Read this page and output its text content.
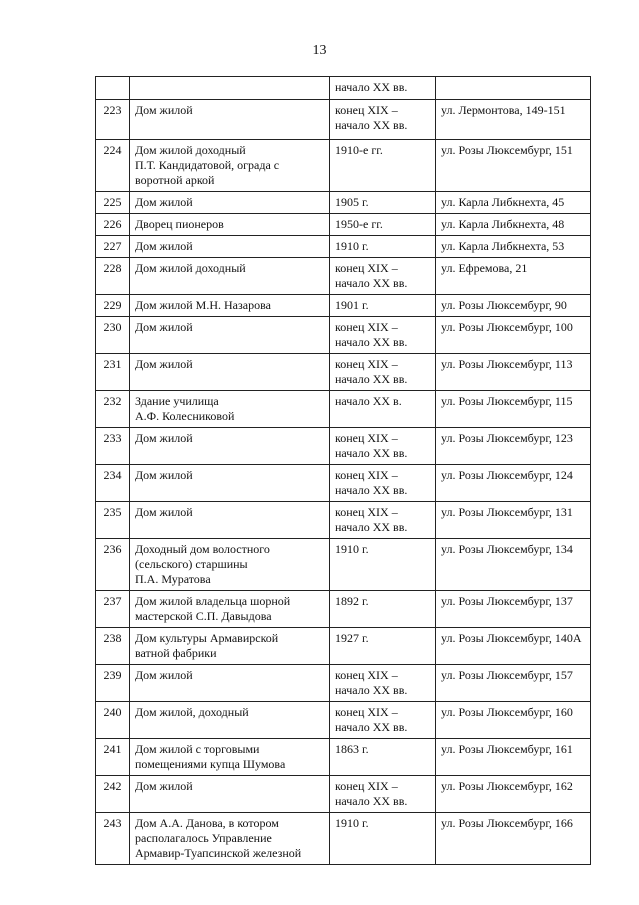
13

		начало XX вв.	

223	Дом жилой	конец XIX –
начало XX вв.	ул. Лермонтова, 149-151

224	Дом жилой доходный
П.Т. Кандидатовой, ограда с
воротной аркой	1910-е гг.	ул. Розы Люксембург, 151

225	Дом жилой	1905 г.	ул. Карла Либкнехта, 45

226	Дворец пионеров	1950-е гг.	ул. Карла Либкнехта, 48

227	Дом жилой	1910 г.	ул. Карла Либкнехта, 53

228	Дом жилой доходный	конец XIX –
начало XX вв.	ул. Ефремова, 21

229	Дом жилой М.Н. Назарова	1901 г.	ул. Розы Люксембург, 90

230	Дом жилой	конец XIX –
начало XX вв.	ул. Розы Люксембург, 100

231	Дом жилой	конец XIX –
начало XX вв.	ул. Розы Люксембург, 113

232	Здание училища
А.Ф. Колесниковой	начало XX в.	ул. Розы Люксембург, 115

233	Дом жилой	конец XIX –
начало XX вв.	ул. Розы Люксембург, 123

234	Дом жилой	конец XIX –
начало XX вв.	ул. Розы Люксембург, 124

235	Дом жилой	конец XIX –
начало XX вв.	ул. Розы Люксембург, 131

236	Доходный дом волостного
(сельского) старшины
П.А. Муратова	1910 г.	ул. Розы Люксембург, 134

237	Дом жилой владельца шорной
мастерской С.П. Давыдова	1892 г.	ул. Розы Люксембург, 137

238	Дом культуры Армавирской
ватной фабрики	1927 г.	ул. Розы Люксембург, 140А

239	Дом жилой	конец XIX –
начало XX вв.	ул. Розы Люксембург, 157

240	Дом жилой, доходный	конец XIX –
начало XX вв.	ул. Розы Люксембург, 160

241	Дом жилой с торговыми
помещениями купца Шумова	1863 г.	ул. Розы Люксембург, 161

242	Дом жилой	конец XIX –
начало XX вв.	ул. Розы Люксембург, 162

243	Дом А.А. Данова, в котором
располагалось Управление
Армавир-Туапсинской железной	1910 г.	ул. Розы Люксембург, 166
